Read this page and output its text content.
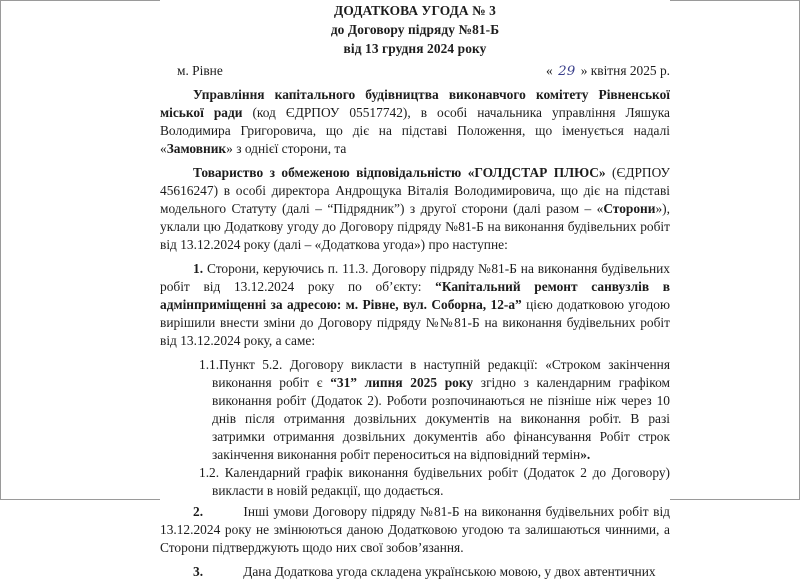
ДОДАТКОВА УГОДА № 3
до Договору підряду №81-Б
від 13 грудня 2024 року
м. Рівне	« 29 » квітня 2025 р.

Управління капітального будівництва виконавчого комітету Рівненської міської ради (код ЄДРПОУ 05517742), в особі начальника управління Ляшука Володимира Григоровича, що діє на підставі Положення, що іменується надалі «Замовник» з однієї сторони, та

Товариство з обмеженою відповідальністю «ГОЛДСТАР ПЛЮС» (ЄДРПОУ 45616247) в особі директора Андрощука Віталія Володимировича, що діє на підставі модельного Статуту (далі – “Підрядник”) з другої сторони (далі разом – «Сторони»), уклали цю Додаткову угоду до Договору підряду №81-Б на виконання будівельних робіт від 13.12.2024 року (далі – «Додаткова угода») про наступне:

1. Сторони, керуючись п. 11.3. Договору підряду №81-Б на виконання будівельних робіт від 13.12.2024 року по об’єкту: “Капітальний ремонт санвузлів в адмінприміщенні за адресою: м. Рівне, вул. Соборна, 12-а” цією додатковою угодою вирішили внести зміни до Договору підряду №№81-Б на виконання будівельних робіт від 13.12.2024 року, а саме:

1.1.Пункт 5.2. Договору викласти в наступній редакції: «Строком закінчення виконання робіт є “31” липня 2025 року згідно з календарним графіком виконання робіт (Додаток 2). Роботи розпочинаються не пізніше ніж через 10 днів після отримання дозвільних документів на виконання робіт. В разі затримки отримання дозвільних документів або фінансування Робіт строк закінчення виконання робіт переноситься на відповідний термін».

1.2. Календарний графік виконання будівельних робіт (Додаток 2 до Договору) викласти в новій редакції, що додається.

2.	Інші умови Договору підряду №81-Б на виконання будівельних робіт від 13.12.2024 року не змінюються даною Додатковою угодою та залишаються чинними, а Сторони підтверджують щодо них свої зобов’язання.

3.	Дана Додаткова угода складена українською мовою, у двох автентичних
